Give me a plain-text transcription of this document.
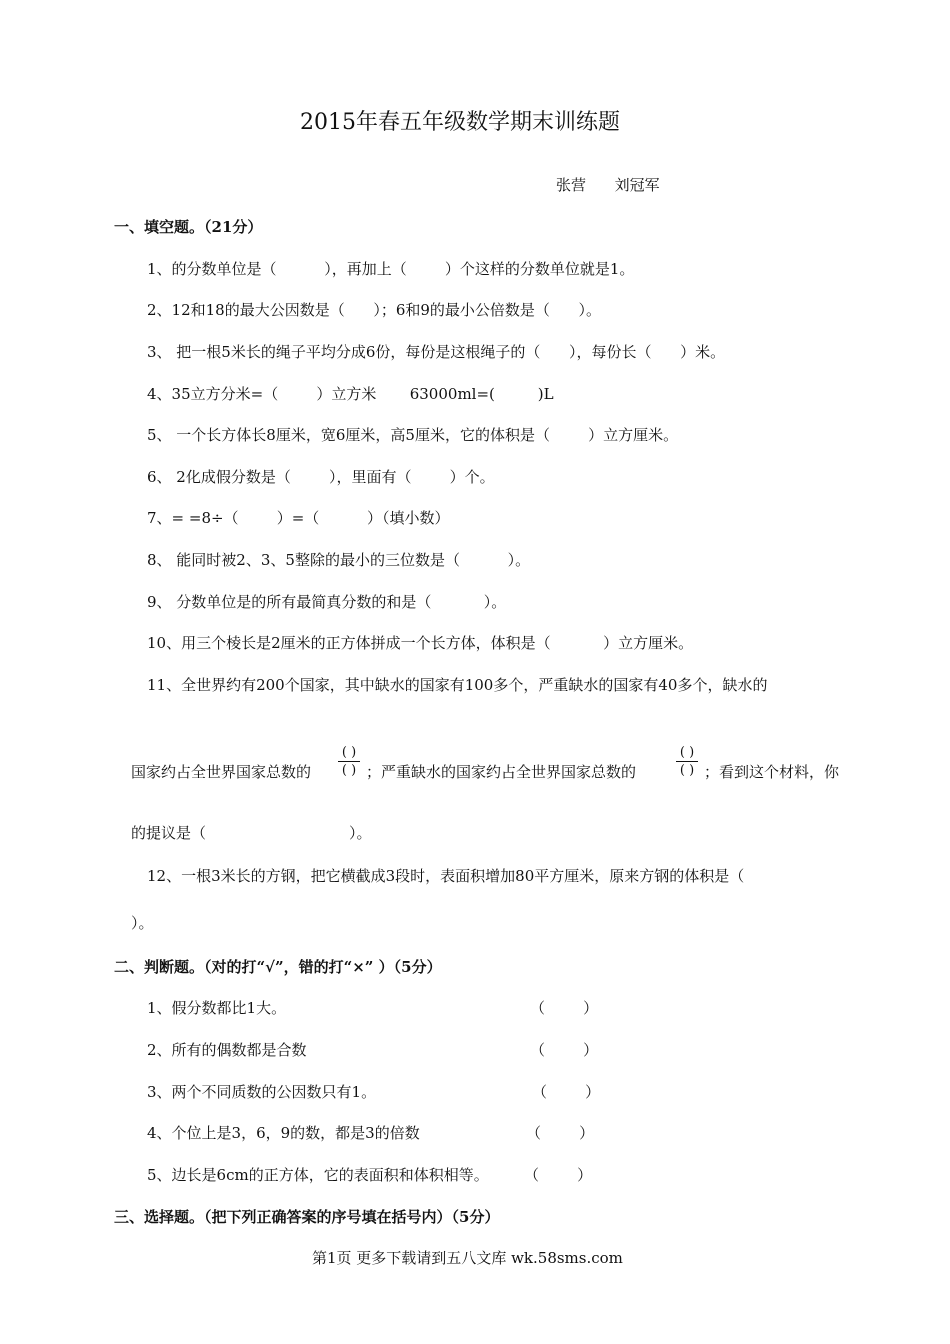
2015年春五年级数学期末训练题
张营      刘冠军
一、填空题。（21分）
1、的分数单位是（          ），再加上（        ）个这样的分数单位就是1。
2、12和18的最大公因数是（      ）；6和9的最小公倍数是（      ）。
3、 把一根5米长的绳子平均分成6份，每份是这根绳子的（      ），每份长（      ）米。
4、35立方分米=（        ）立方米       63000ml=(         )L
5、 一个长方体长8厘米，宽6厘米，高5厘米，它的体积是（        ）立方厘米。
6、 2化成假分数是（        ），里面有（        ）个。
7、= =8÷（        ）=（          ）（填小数）
8、 能同时被2、3、5整除的最小的三位数是（          ）。
9、 分数单位是的所有最简真分数的和是（           ）。
10、用三个棱长是2厘米的正方体拼成一个长方体，体积是（           ）立方厘米。
11、全世界约有200个国家，其中缺水的国家有100多个，严重缺水的国家有40多个，缺水的
国家约占全世界国家总数的
( )
( ) ；严重缺水的国家约占全世界国家总数的
( )
( ) ；看到这个材料，你
的提议是（                              ）。
12、一根3米长的方钢，把它横截成3段时，表面积增加80平方厘米，原来方钢的体积是（
）。
二、判断题。（对的打“√”，错的打“×” ）（5分）
1、假分数都比1大。	（        ）
2、所有的偶数都是合数	（        ）
3、两个不同质数的公因数只有1。	（        ）
4、个位上是3，6，9的数，都是3的倍数	（        ）
5、边长是6cm的正方体，它的表面积和体积相等。 （        ）
三、选择题。（把下列正确答案的序号填在括号内）（5分）
第1页 更多下载请到五八文库 wk.58sms.com
